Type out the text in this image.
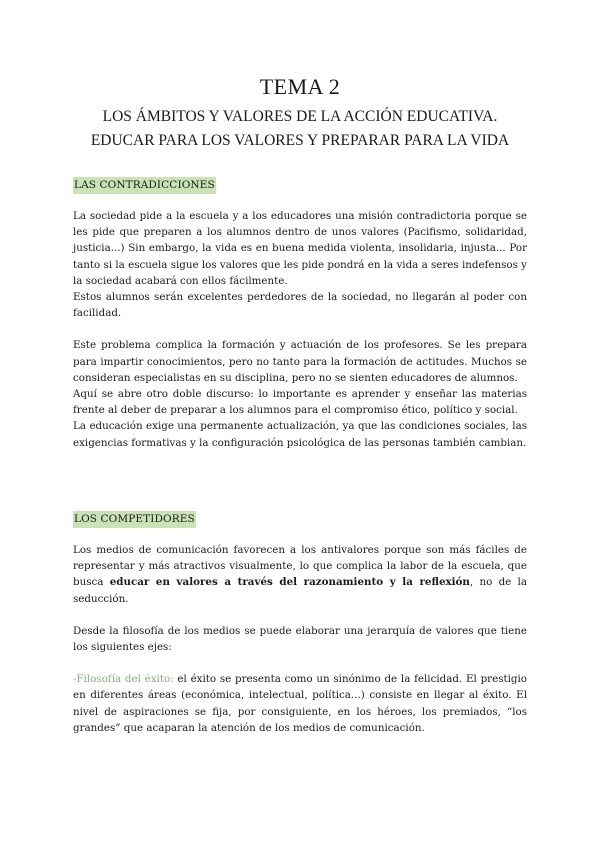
TEMA 2
LOS ÁMBITOS Y VALORES DE LA ACCIÓN EDUCATIVA.
EDUCAR PARA LOS VALORES Y PREPARAR PARA LA VIDA
LAS CONTRADICCIONES

La sociedad pide a la escuela y a los educadores una misión contradictoria porque se les pide que preparen a los alumnos dentro de unos valores (Pacifismo, solidaridad, justicia...) Sin embargo, la vida es en buena medida violenta, insolidaria, injusta... Por tanto si la escuela sigue los valores que les pide pondrá en la vida a seres indefensos y la sociedad acabará con ellos fácilmente.

Estos alumnos serán excelentes perdedores de la sociedad, no llegarán al poder con facilidad.

Este problema complica la formación y actuación de los profesores. Se les prepara para impartir conocimientos, pero no tanto para la formación de actitudes. Muchos se consideran especialistas en su disciplina, pero no se sienten educadores de alumnos.

Aquí se abre otro doble discurso: lo importante es aprender y enseñar las materias frente al deber de preparar a los alumnos para el compromiso ético, político y social.

La educación exige una permanente actualización, ya que las condiciones sociales, las exigencias formativas y la configuración psicológica de las personas también cambian.

LOS COMPETIDORES

Los medios de comunicación favorecen a los antivalores porque son más fáciles de representar y más atractivos visualmente, lo que complica la labor de la escuela, que busca educar en valores a través del razonamiento y la reflexión, no de la seducción.

Desde la filosofía de los medios se puede elaborar una jerarquía de valores que tiene los siguientes ejes:

-Filosofía del éxito: el éxito se presenta como un sinónimo de la felicidad. El prestigio en diferentes áreas (económica, intelectual, política...) consiste en llegar al éxito. El nivel de aspiraciones se fija, por consiguiente, en los héroes, los premiados, “los grandes” que acaparan la atención de los medios de comunicación.
